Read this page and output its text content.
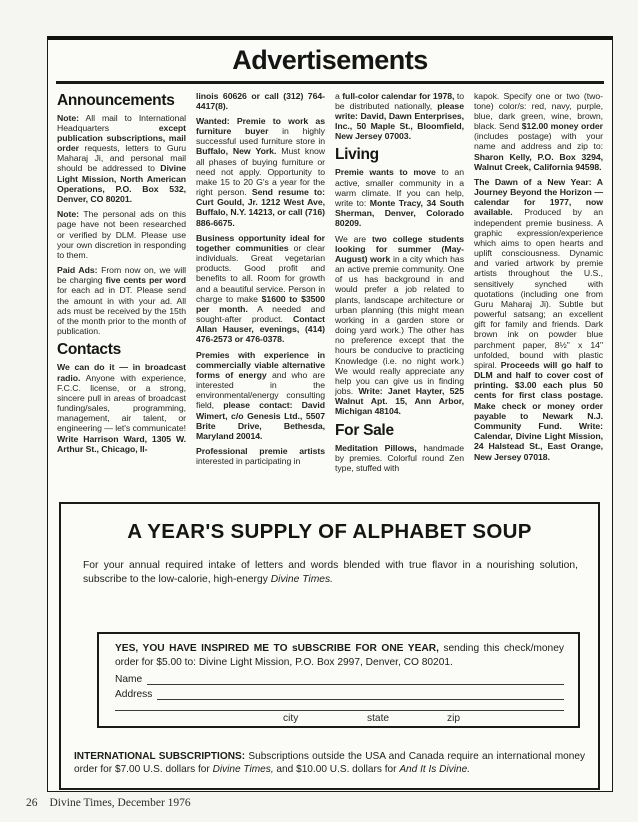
Advertisements
Announcements

Note: All mail to International Headquarters except publication subscriptions, mail order requests, letters to Guru Maharaj Ji, and personal mail should be addressed to Divine Light Mission, North American Operations, P.O. Box 532, Denver, CO 80201.

Note: The personal ads on this page have not been researched or verified by DLM. Please use your own discretion in responding to them.

Paid Ads: From now on, we will be charging five cents per word for each ad in DT. Please send the amount in with your ad. All ads must be received by the 15th of the month prior to the month of publication.

Contacts

We can do it — in broadcast radio. Anyone with experience, F.C.C. license, or a strong, sincere pull in areas of broadcast funding/sales, programming, management, air talent, or engineering — let's communicate! Write Harrison Ward, 1305 W. Arthur St., Chicago, Il-

linois 60626 or call (312) 764-4417(8).

Wanted: Premie to work as furniture buyer in highly successful used furniture store in Buffalo, New York. Must know all phases of buying furniture or need not apply. Opportunity to make 15 to 20 G's a year for the right person. Send resume to: Curt Gould, Jr. 1212 West Ave, Buffalo, N.Y. 14213, or call (716) 886-6675.

Business opportunity ideal for together communities or clear individuals. Great vegetarian products. Good profit and benefits to all. Room for growth and a beautiful service. Person in charge to make $1600 to $3500 per month. A needed and sought-after product. Contact Allan Hauser, evenings, (414) 476-2573 or 476-0378.

Premies with experience in commercially viable alternative forms of energy and who are interested in the environmental/energy consulting field, please contact: David Wimert, c/o Genesis Ltd., 5507 Brite Drive, Bethesda, Maryland 20014.

Professional premie artists interested in participating in

a full-color calendar for 1978, to be distributed nationally, please write: David, Dawn Enterprises, Inc., 50 Maple St., Bloomfield, New Jersey 07003.

Living

Premie wants to move to an active, smaller community in a warm climate. If you can help, write to: Monte Tracy, 34 South Sherman, Denver, Colorado 80209.

We are two college students looking for summer (May-August) work in a city which has an active premie community. One of us has background in and would prefer a job related to plants, landscape architecture or urban planning (this might mean working in a garden store or doing yard work.) The other has no preference except that the hours be conducive to practicing Knowledge (i.e. no night work.) We would really appreciate any help you can give us in finding jobs. Write: Janet Hayter, 525 Walnut Apt. 15, Ann Arbor, Michigan 48104.

For Sale

Meditation Pillows, handmade by premies. Colorful round Zen type, stuffed with

kapok. Specify one or two (two-tone) color/s: red, navy, purple, blue, dark green, wine, brown, black. Send $12.00 money order (includes postage) with your name and address and zip to: Sharon Kelly, P.O. Box 3294, Walnut Creek, California 94598.

The Dawn of a New Year: A Journey Beyond the Horizon — calendar for 1977, now available. Produced by an independent premie business. A graphic expression/experience which aims to open hearts and uplift consciousness. Dynamic and varied artwork by premie artists throughout the U.S., sensitively synched with quotations (including one from Guru Maharaj Ji). Subtle but powerful satsang; an excellent gift for family and friends. Dark brown ink on powder blue parchment paper, 8½" x 14" unfolded, bound with plastic spiral. Proceeds will go half to DLM and half to cover cost of printing. $3.00 each plus 50 cents for first class postage. Make check or money order payable to Newark N.J. Community Fund. Write: Calendar, Divine Light Mission, 24 Halstead St., East Orange, New Jersey 07018.

A YEAR'S SUPPLY OF ALPHABET SOUP
For your annual required intake of letters and words blended with true flavor in a nourishing solution, subscribe to the low-calorie, high-energy Divine Times.

YES, YOU HAVE INSPIRED ME TO sUBSCRIBE FOR ONE YEAR, sending this check/money order for $5.00 to: Divine Light Mission, P.O. Box 2997, Denver, CO 80201.

Name
Address
city	state	zip
INTERNATIONAL SUBSCRIPTIONS: Subscriptions outside the USA and Canada require an international money order for $7.00 U.S. dollars for Divine Times, and $10.00 U.S. dollars for And It Is Divine.
26 Divine Times, December 1976
